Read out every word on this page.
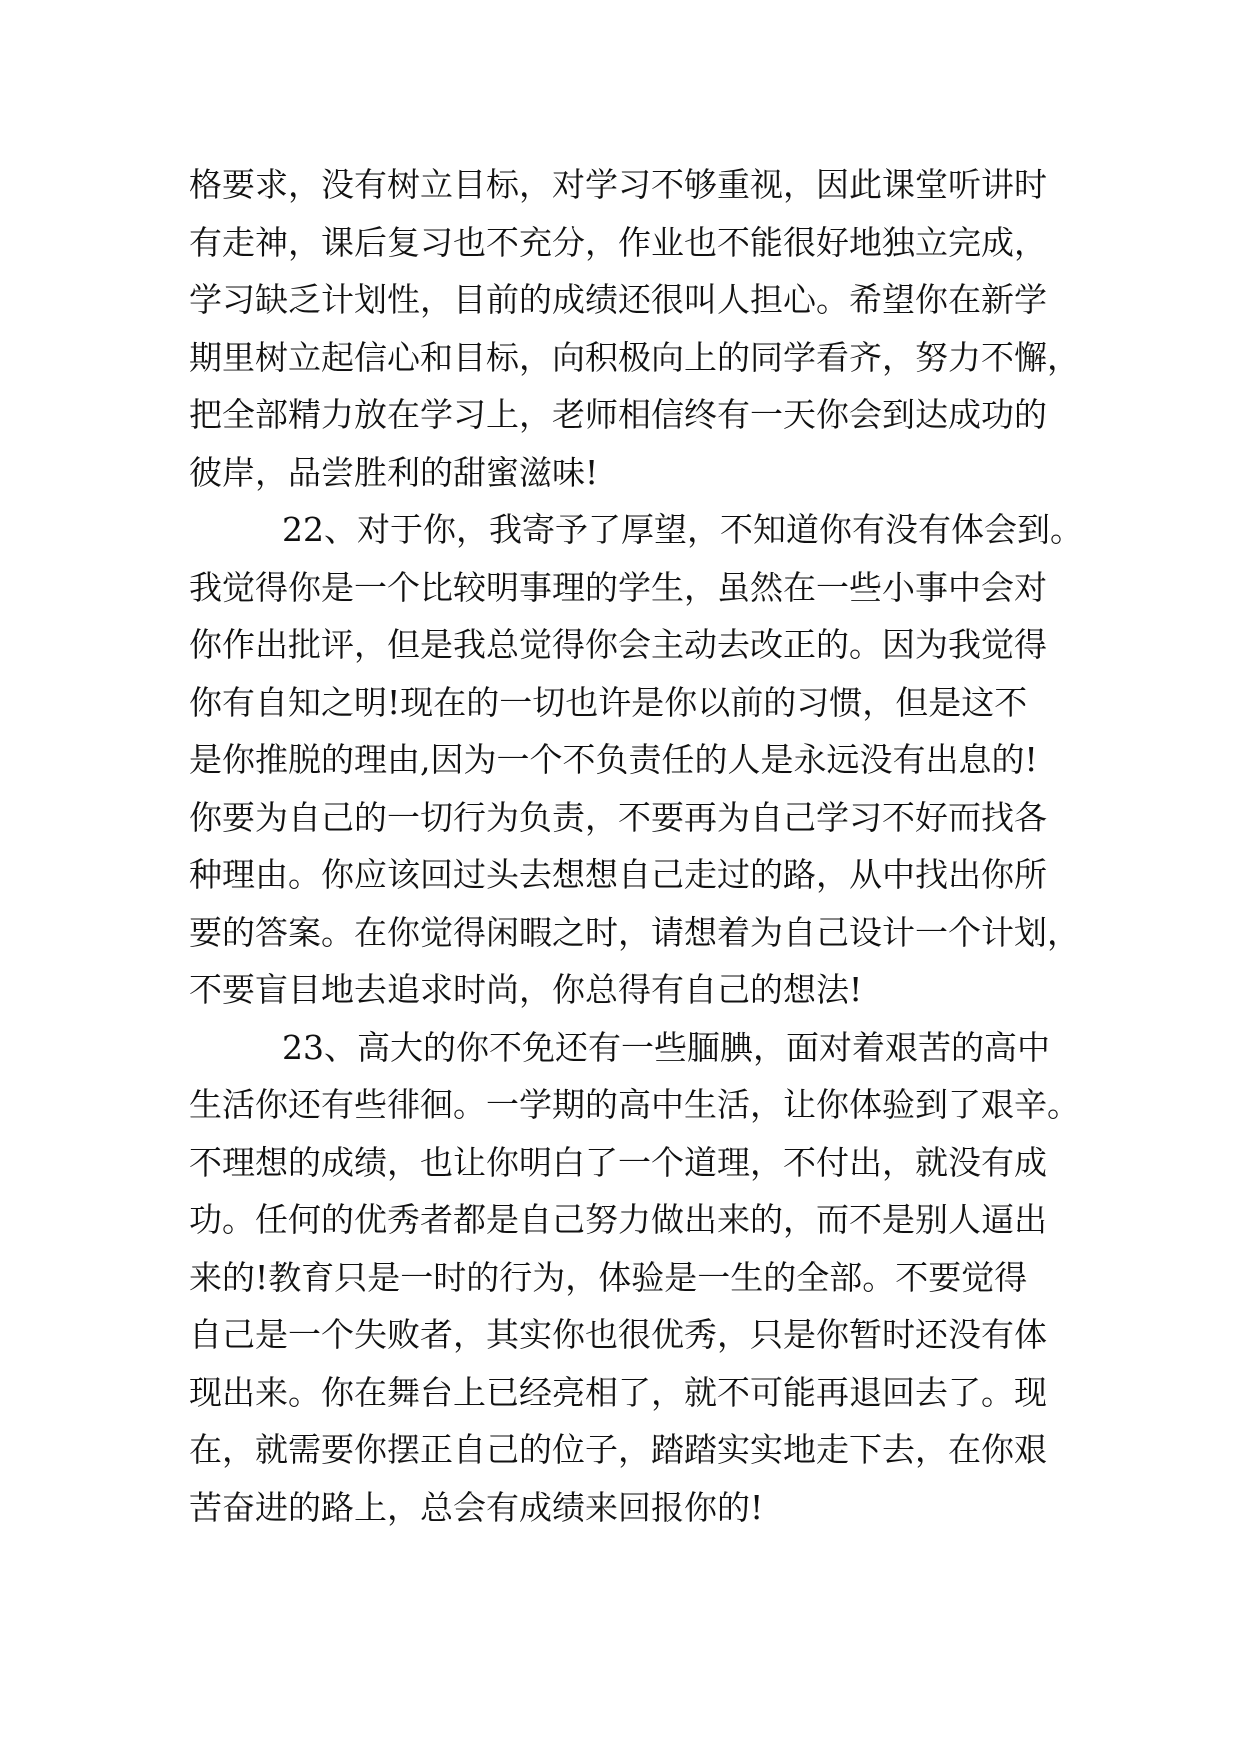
格要求，没有树立目标，对学习不够重视，因此课堂听讲时
有走神，课后复习也不充分，作业也不能很好地独立完成，
学习缺乏计划性，目前的成绩还很叫人担心。希望你在新学
期里树立起信心和目标，向积极向上的同学看齐，努力不懈，
把全部精力放在学习上，老师相信终有一天你会到达成功的
彼岸，品尝胜利的甜蜜滋味!
22、对于你，我寄予了厚望，不知道你有没有体会到。
我觉得你是一个比较明事理的学生，虽然在一些小事中会对
你作出批评，但是我总觉得你会主动去改正的。因为我觉得
你有自知之明!现在的一切也许是你以前的习惯，但是这不
是你推脱的理由,因为一个不负责任的人是永远没有出息的!
你要为自己的一切行为负责，不要再为自己学习不好而找各
种理由。你应该回过头去想想自己走过的路，从中找出你所
要的答案。在你觉得闲暇之时，请想着为自己设计一个计划，
不要盲目地去追求时尚，你总得有自己的想法!
23、高大的你不免还有一些腼腆，面对着艰苦的高中
生活你还有些徘徊。一学期的高中生活，让你体验到了艰辛。
不理想的成绩，也让你明白了一个道理，不付出，就没有成
功。任何的优秀者都是自己努力做出来的，而不是别人逼出
来的!教育只是一时的行为，体验是一生的全部。不要觉得
自己是一个失败者，其实你也很优秀，只是你暂时还没有体
现出来。你在舞台上已经亮相了，就不可能再退回去了。现
在，就需要你摆正自己的位子，踏踏实实地走下去，在你艰
苦奋进的路上，总会有成绩来回报你的!
